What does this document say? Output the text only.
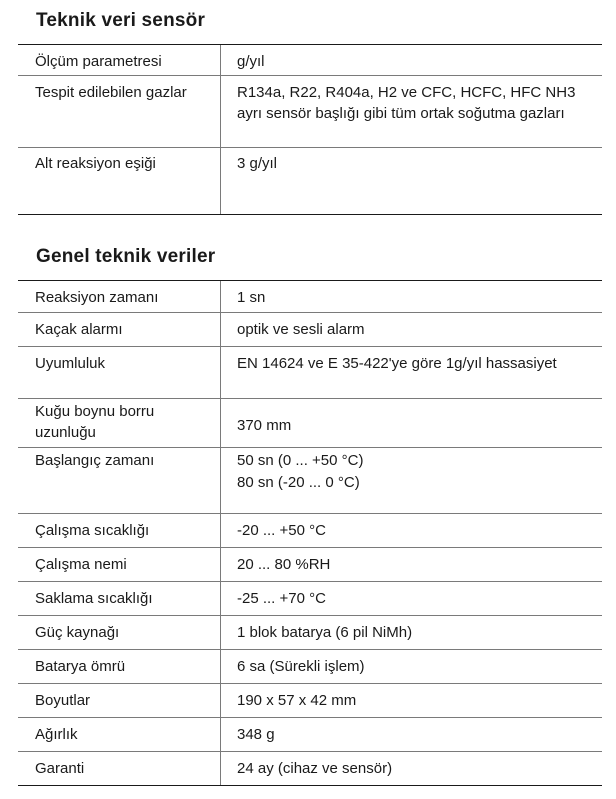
Teknik veri sensör
Ölçüm parametresi	g/yıl
Tespit edilebilen gazlar	R134a, R22, R404a, H2 ve CFC, HCFC, HFC NH3 ayrı sensör başlığı gibi tüm ortak soğutma gazları
Alt reaksiyon eşiği	3 g/yıl
Genel teknik veriler
Reaksiyon zamanı	1 sn
Kaçak alarmı	optik ve sesli alarm
Uyumluluk	EN 14624 ve E 35-422'ye göre 1g/yıl hassasiyet
Kuğu boynu borru uzunluğu	370 mm
Başlangıç zamanı	50 sn (0 ... +50 °C)
80 sn (-20 ... 0 °C)
Çalışma sıcaklığı	-20 ... +50 °C
Çalışma nemi	20 ... 80 %RH
Saklama sıcaklığı	-25 ... +70 °C
Güç kaynağı	1 blok batarya (6 pil NiMh)
Batarya ömrü	6 sa (Sürekli işlem)
Boyutlar	190 x 57 x 42 mm
Ağırlık	348 g
Garanti	24 ay (cihaz ve sensör)
